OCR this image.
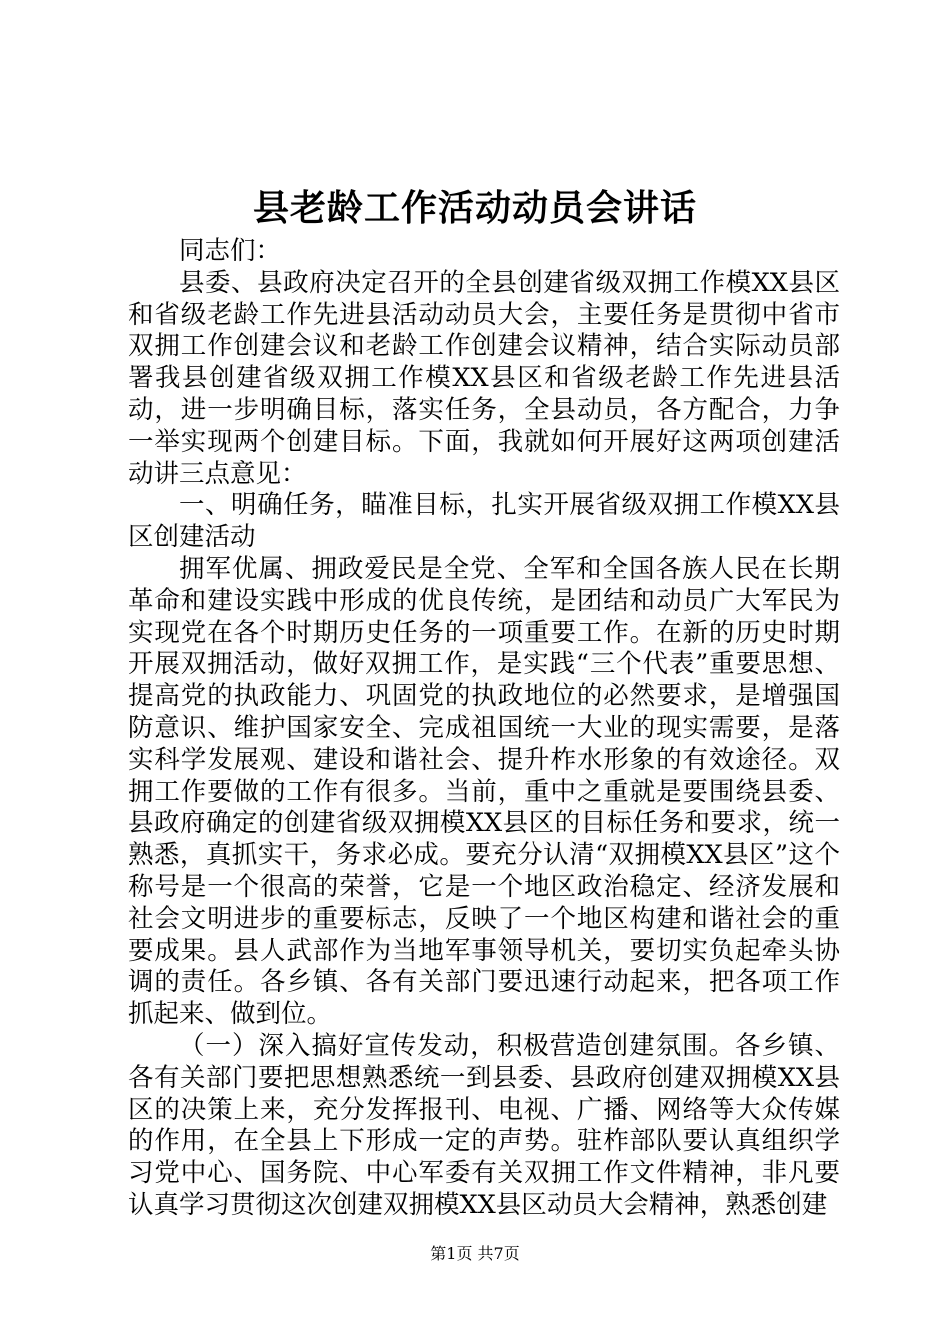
县老龄工作活动动员会讲话

同志们：

县委、县政府决定召开的全县创建省级双拥工作模XX县区和省级老龄工作先进县活动动员大会，主要任务是贯彻中省市双拥工作创建会议和老龄工作创建会议精神，结合实际动员部署我县创建省级双拥工作模XX县区和省级老龄工作先进县活动，进一步明确目标，落实任务，全县动员，各方配合，力争一举实现两个创建目标。下面，我就如何开展好这两项创建活动讲三点意见：

一、明确任务，瞄准目标，扎实开展省级双拥工作模XX县区创建活动

拥军优属、拥政爱民是全党、全军和全国各族人民在长期革命和建设实践中形成的优良传统，是团结和动员广大军民为实现党在各个时期历史任务的一项重要工作。在新的历史时期开展双拥活动，做好双拥工作，是实践“三个代表”重要思想、提高党的执政能力、巩固党的执政地位的必然要求，是增强国防意识、维护国家安全、完成祖国统一大业的现实需要，是落实科学发展观、建设和谐社会、提升柞水形象的有效途径。双拥工作要做的工作有很多。当前，重中之重就是要围绕县委、县政府确定的创建省级双拥模XX县区的目标任务和要求，统一熟悉，真抓实干，务求必成。要充分认清“双拥模XX县区”这个称号是一个很高的荣誉，它是一个地区政治稳定、经济发展和社会文明进步的重要标志，反映了一个地区构建和谐社会的重要成果。县人武部作为当地军事领导机关，要切实负起牵头协调的责任。各乡镇、各有关部门要迅速行动起来，把各项工作抓起来、做到位。

（一）深入搞好宣传发动，积极营造创建氛围。各乡镇、各有关部门要把思想熟悉统一到县委、县政府创建双拥模XX县区的决策上来，充分发挥报刊、电视、广播、网络等大众传媒的作用，在全县上下形成一定的声势。驻柞部队要认真组织学习党中心、国务院、中心军委有关双拥工作文件精神，非凡要认真学习贯彻这次创建双拥模XX县区动员大会精神，熟悉创建

第1页 共7页
